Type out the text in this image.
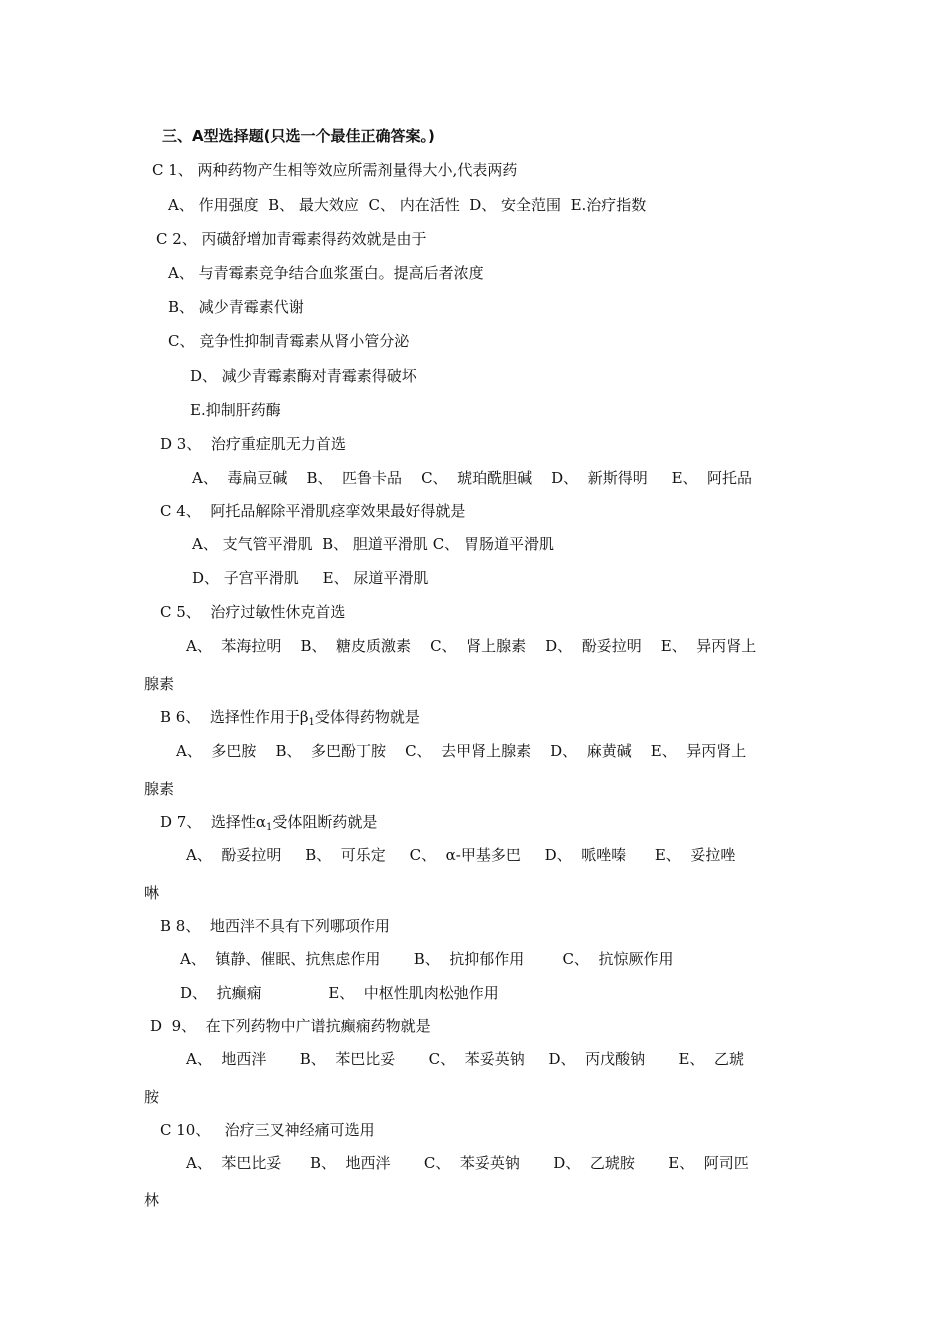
三、A型选择题(只选一个最佳正确答案。)
C 1、 两种药物产生相等效应所需剂量得大小,代表两药
A、 作用强度  B、 最大效应  C、 内在活性  D、 安全范围  E.治疗指数
C 2、 丙磺舒增加青霉素得药效就是由于
A、 与青霉素竞争结合血浆蛋白。提高后者浓度
B、 减少青霉素代谢
C、 竞争性抑制青霉素从肾小管分泌
D、 减少青霉素酶对青霉素得破坏
E.抑制肝药酶
D 3、  治疗重症肌无力首选
A、  毒扁豆碱    B、  匹鲁卡品    C、  琥珀酰胆碱    D、  新斯得明     E、  阿托品
C 4、  阿托品解除平滑肌痉挛效果最好得就是
A、 支气管平滑肌  B、 胆道平滑肌 C、 胃肠道平滑肌
D、 子宫平滑肌     E、 尿道平滑肌
C 5、  治疗过敏性休克首选
A、  苯海拉明    B、  糖皮质激素    C、  肾上腺素    D、  酚妥拉明    E、  异丙肾上
腺素
B 6、  选择性作用于$\beta_1$受体得药物就是
A、  多巴胺    B、  多巴酚丁胺    C、  去甲肾上腺素    D、  麻黄碱    E、  异丙肾上
腺素
D 7、  选择性$\alpha_1$受体阻断药就是
A、  酚妥拉明     B、  可乐定     C、  α-甲基多巴     D、  哌唑嗪      E、  妥拉唑
啉
B 8、  地西泮不具有下列哪项作用
A、  镇静、催眠、抗焦虑作用       B、  抗抑郁作用        C、  抗惊厥作用
D、  抗癫痫              E、  中枢性肌肉松弛作用
D  9、  在下列药物中广谱抗癫痫药物就是
A、  地西泮       B、  苯巴比妥       C、  苯妥英钠     D、  丙戊酸钠       E、  乙琥
胺
C 10、   治疗三叉神经痛可选用
A、  苯巴比妥      B、  地西泮       C、  苯妥英钠       D、  乙琥胺       E、  阿司匹
林
